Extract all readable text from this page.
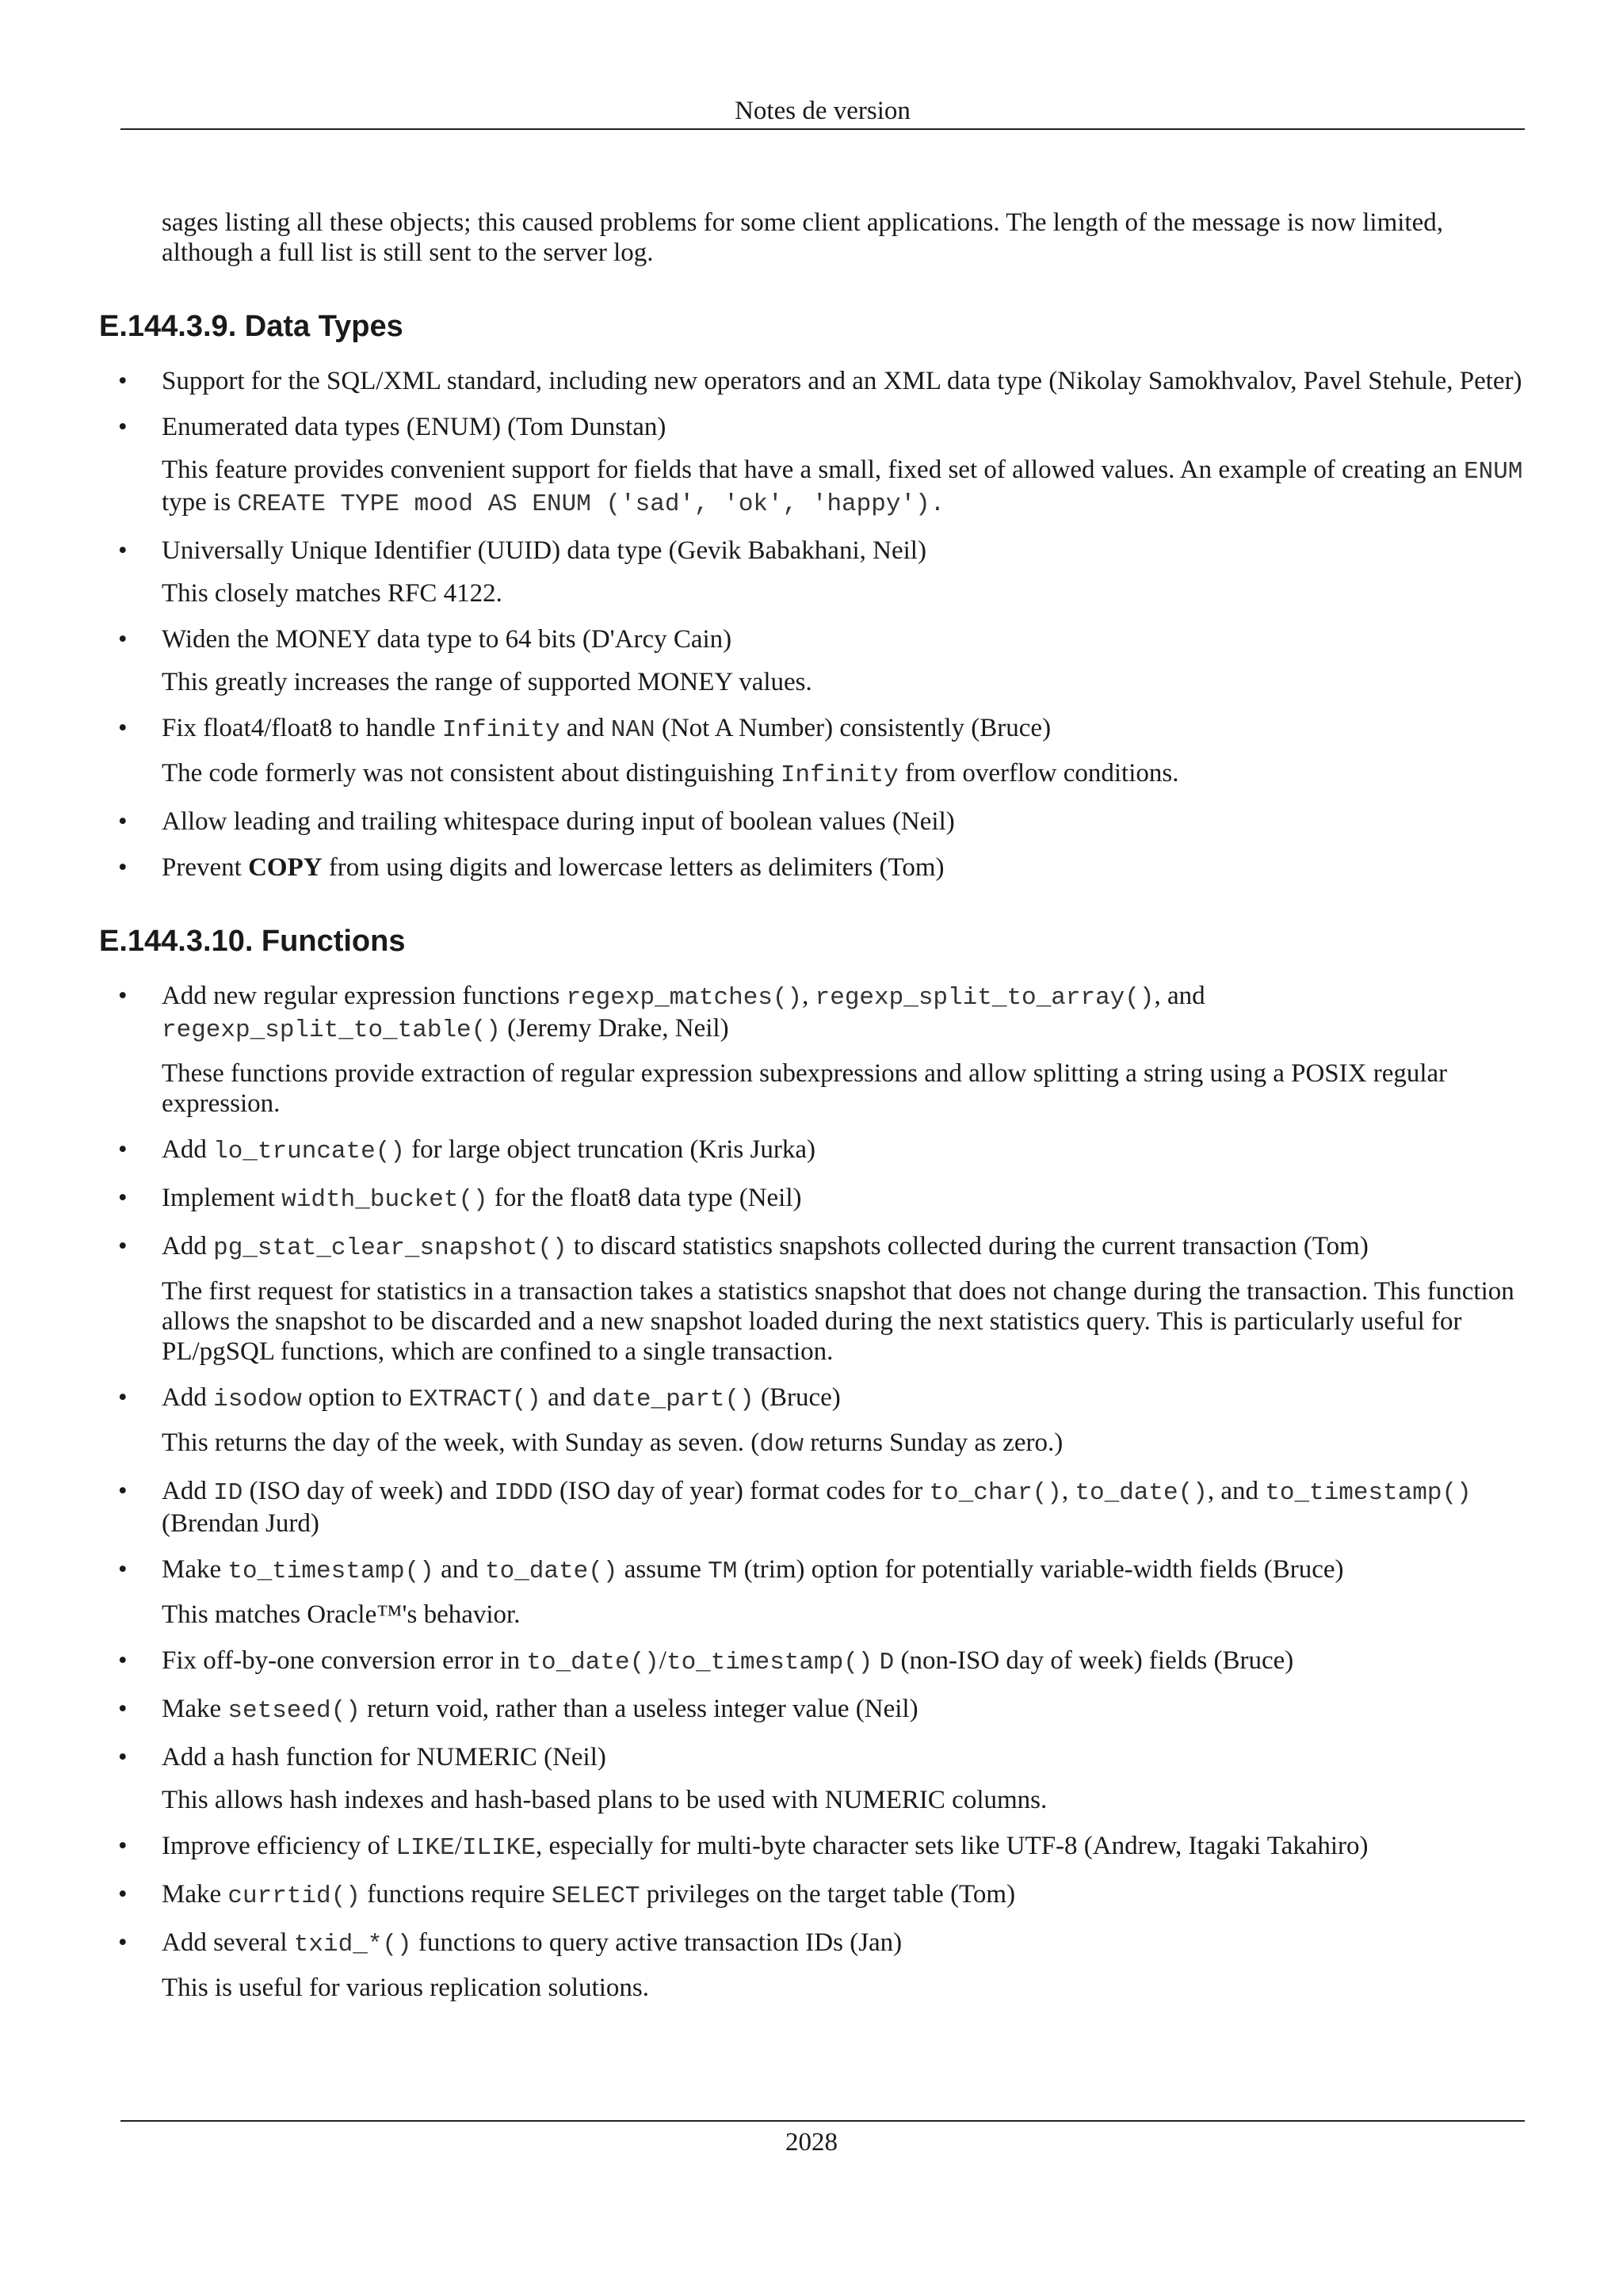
Notes de version

sages listing all these objects; this caused problems for some client applications. The length of the message is now limited, although a full list is still sent to the server log.

E.144.3.9. Data Types
• Support for the SQL/XML standard, including new operators and an XML data type (Nikolay Samokhvalov, Pavel Stehule, Peter)
• Enumerated data types (ENUM) (Tom Dunstan)
This feature provides convenient support for fields that have a small, fixed set of allowed values. An example of creating an ENUM type is CREATE TYPE mood AS ENUM ('sad', 'ok', 'happy').
• Universally Unique Identifier (UUID) data type (Gevik Babakhani, Neil)
This closely matches RFC 4122.
• Widen the MONEY data type to 64 bits (D'Arcy Cain)
This greatly increases the range of supported MONEY values.
• Fix float4/float8 to handle Infinity and NAN (Not A Number) consistently (Bruce)
The code formerly was not consistent about distinguishing Infinity from overflow conditions.
• Allow leading and trailing whitespace during input of boolean values (Neil)
• Prevent COPY from using digits and lowercase letters as delimiters (Tom)
E.144.3.10. Functions
• Add new regular expression functions regexp_matches(), regexp_split_to_array(), and regexp_split_to_table() (Jeremy Drake, Neil)
These functions provide extraction of regular expression subexpressions and allow splitting a string using a POSIX regular expression.
• Add lo_truncate() for large object truncation (Kris Jurka)
• Implement width_bucket() for the float8 data type (Neil)
• Add pg_stat_clear_snapshot() to discard statistics snapshots collected during the current transaction (Tom)
The first request for statistics in a transaction takes a statistics snapshot that does not change during the transaction. This function allows the snapshot to be discarded and a new snapshot loaded during the next statistics query. This is particularly useful for PL/pgSQL functions, which are confined to a single transaction.
• Add isodow option to EXTRACT() and date_part() (Bruce)
This returns the day of the week, with Sunday as seven. (dow returns Sunday as zero.)
• Add ID (ISO day of week) and IDDD (ISO day of year) format codes for to_char(), to_date(), and to_timestamp() (Brendan Jurd)
• Make to_timestamp() and to_date() assume TM (trim) option for potentially variable-width fields (Bruce)
This matches Oracle™'s behavior.
• Fix off-by-one conversion error in to_date()/to_timestamp() D (non-ISO day of week) fields (Bruce)
• Make setseed() return void, rather than a useless integer value (Neil)
• Add a hash function for NUMERIC (Neil)
This allows hash indexes and hash-based plans to be used with NUMERIC columns.
• Improve efficiency of LIKE/ILIKE, especially for multi-byte character sets like UTF-8 (Andrew, Itagaki Takahiro)
• Make currtid() functions require SELECT privileges on the target table (Tom)
• Add several txid_*() functions to query active transaction IDs (Jan)
This is useful for various replication solutions.
2028
